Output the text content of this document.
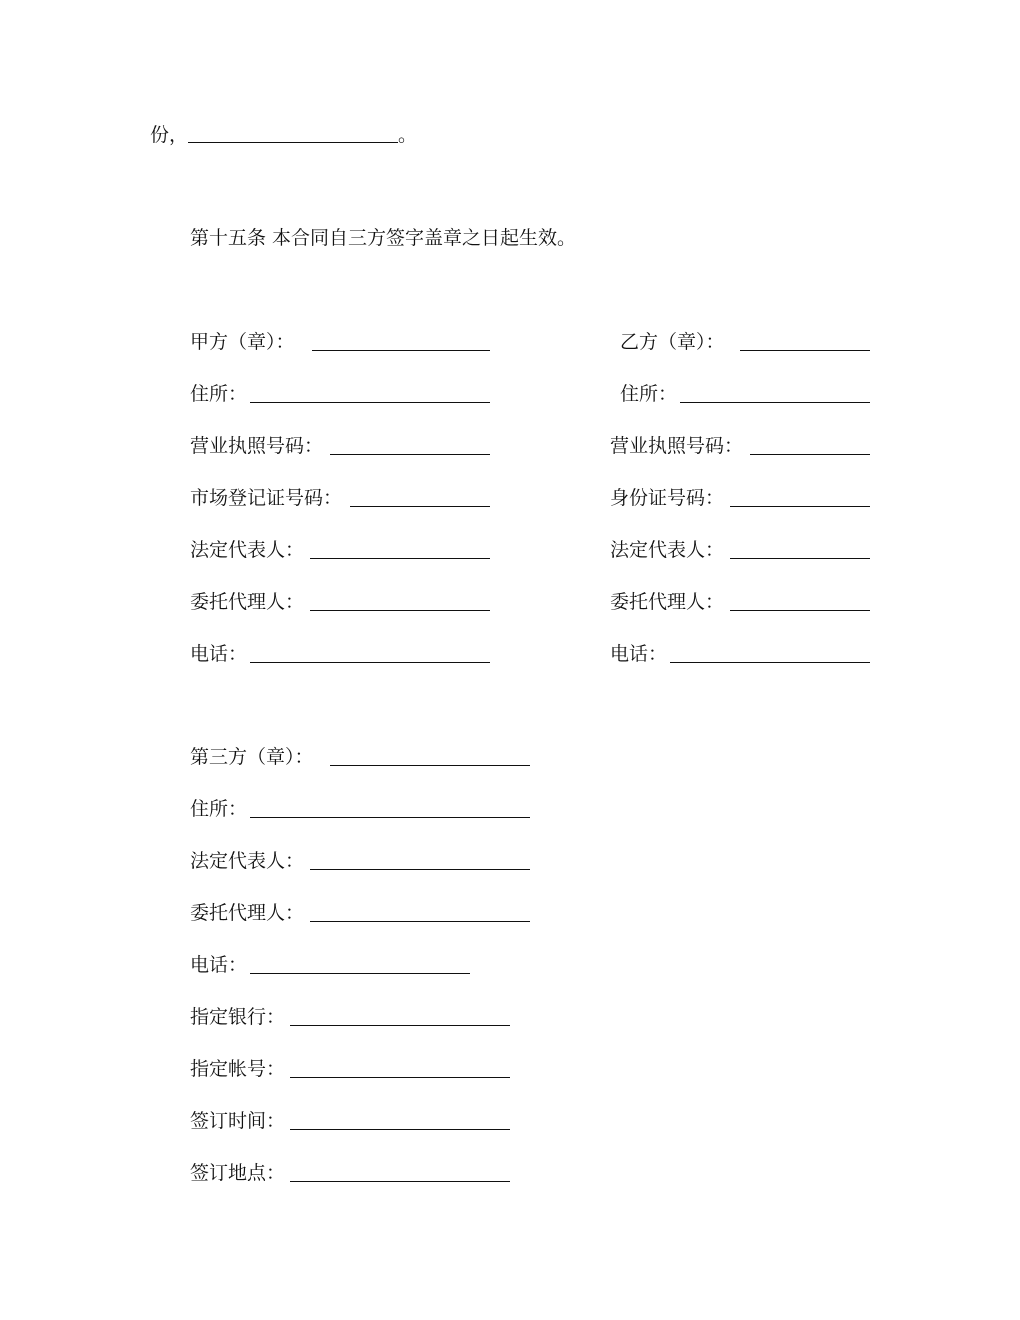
份，	。
第十五条 本合同自三方签字盖章之日起生效。
甲方（章）：
住所：
营业执照号码：
市场登记证号码：
法定代表人：
委托代理人：
电话：
乙方（章）：
住所：
营业执照号码：
身份证号码：
法定代表人：
委托代理人：
电话：
第三方（章）：
住所：
法定代表人：
委托代理人：
电话：
指定银行：
指定帐号：
签订时间：
签订地点：
